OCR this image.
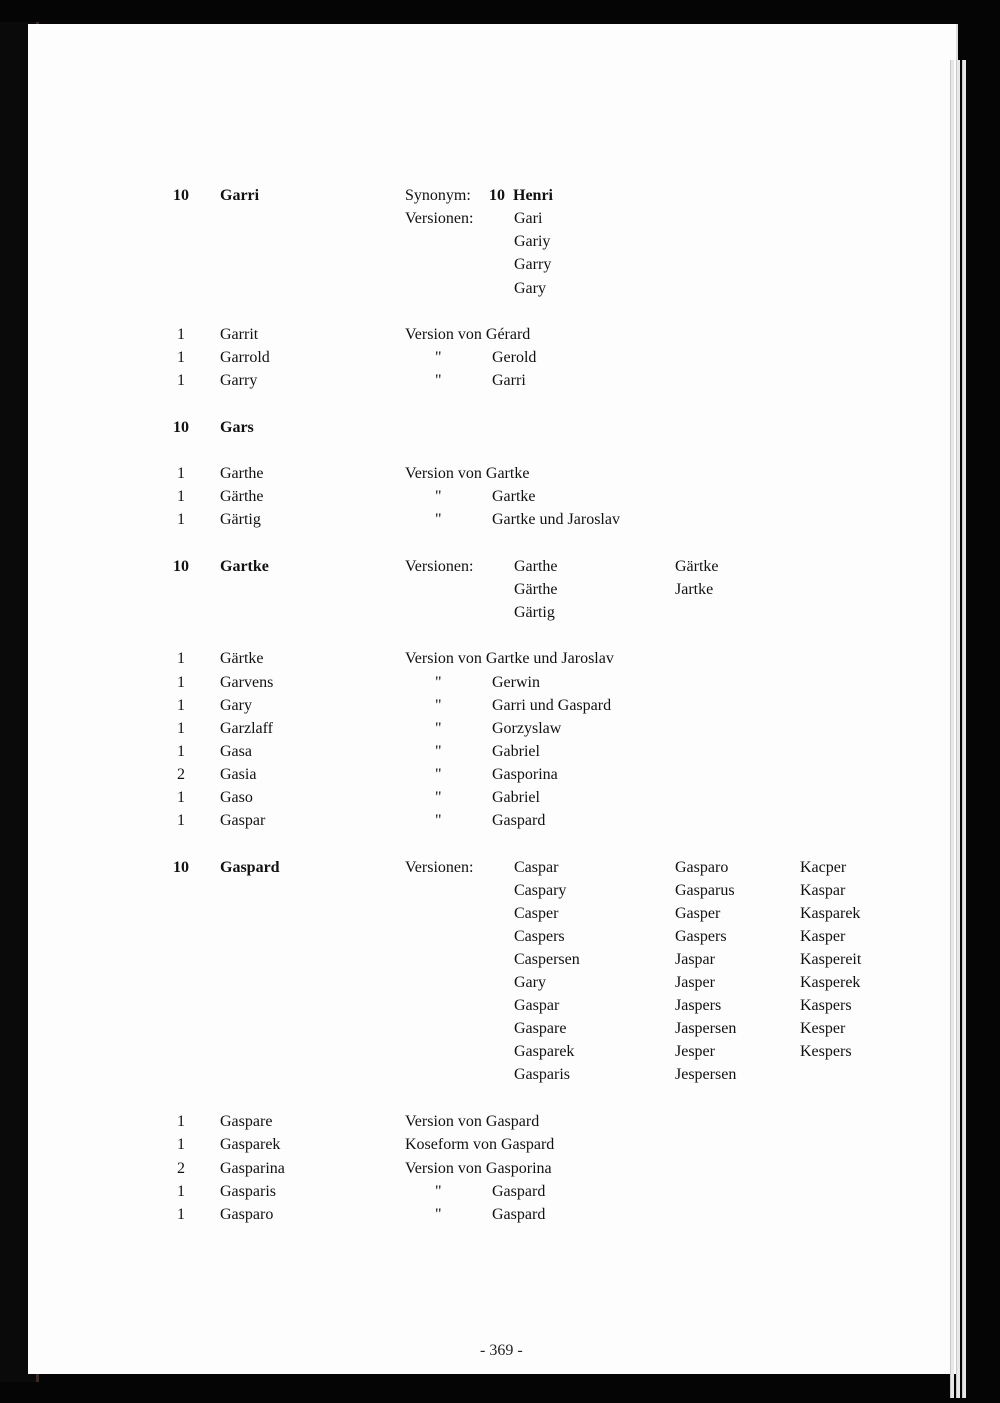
10	Garri	Synonym: 10 Henri
Versionen:	Gari
Gariy
Garry
Gary
1	Garrit	Version von Gérard
1	Garrold	"	Gerold
1	Garry	"	Garri
10	Gars
1	Garthe	Version von Gartke
1	Gärthe	"	Gartke
1	Gärtig	"	Gartke und Jaroslav
10	Gartke	Versionen:	Garthe	Gärtke
Gärthe	Jartke
Gärtig
1	Gärtke	Version von Gartke und Jaroslav
1	Garvens	"	Gerwin
1	Gary	"	Garri und Gaspard
1	Garzlaff	"	Gorzyslaw
1	Gasa	"	Gabriel
2	Gasia	"	Gasporina
1	Gaso	"	Gabriel
1	Gaspar	"	Gaspard
10	Gaspard	Versionen:	Caspar	Gasparo	Kacper
Caspary	Gasparus	Kaspar
Casper	Gasper	Kasparek
Caspers	Gaspers	Kasper
Caspersen	Jaspar	Kaspereit
Gary	Jasper	Kasperek
Gaspar	Jaspers	Kaspers
Gaspare	Jaspersen	Kesper
Gasparek	Jesper	Kespers
Gasparis	Jespersen
1	Gaspare	Version von Gaspard
1	Gasparek	Koseform von Gaspard
2	Gasparina	Version von Gasporina
1	Gasparis	"	Gaspard
1	Gasparo	"	Gaspard
- 369 -
